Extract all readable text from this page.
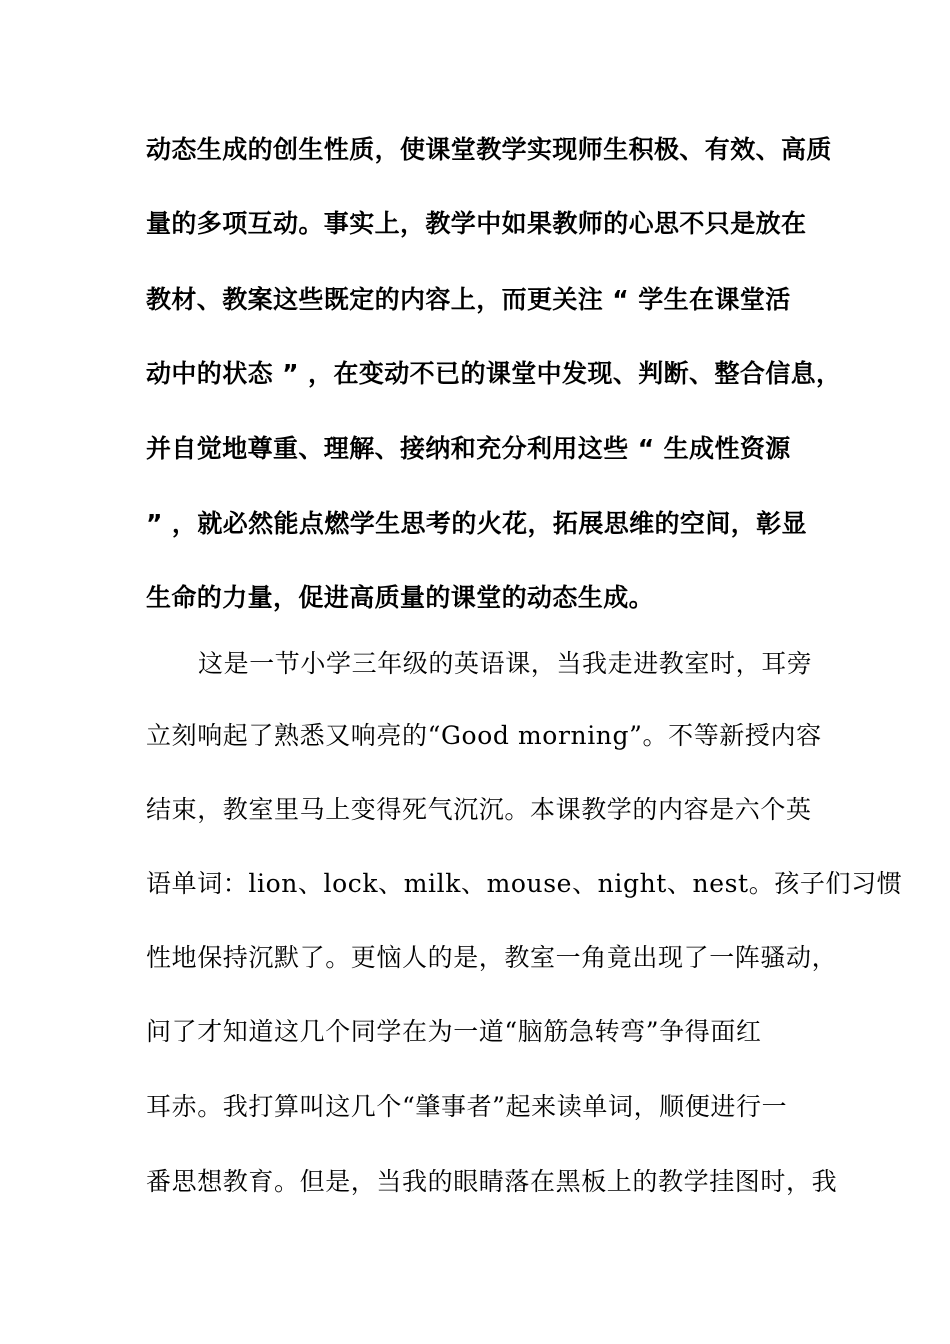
动态生成的创生性质，使课堂教学实现师生积极、有效、高质
量的多项互动。事实上，教学中如果教师的心思不只是放在
教材、教案这些既定的内容上，而更关注 “ 学生在课堂活
动中的状态 ” ，在变动不已的课堂中发现、判断、整合信息，
并自觉地尊重、理解、接纳和充分利用这些 “ 生成性资源
” ，就必然能点燃学生思考的火花，拓展思维的空间，彰显
生命的力量，促进高质量的课堂的动态生成。
这是一节小学三年级的英语课，当我走进教室时，耳旁
立刻响起了熟悉又响亮的“Good morning”。不等新授内容
结束，教室里马上变得死气沉沉。本课教学的内容是六个英
语单词：lion、lock、milk、mouse、night、nest。孩子们习惯
性地保持沉默了。更恼人的是，教室一角竟出现了一阵骚动，
问了才知道这几个同学在为一道“脑筋急转弯”争得面红
耳赤。我打算叫这几个“肇事者”起来读单词，顺便进行一
番思想教育。但是，当我的眼睛落在黑板上的教学挂图时，我
